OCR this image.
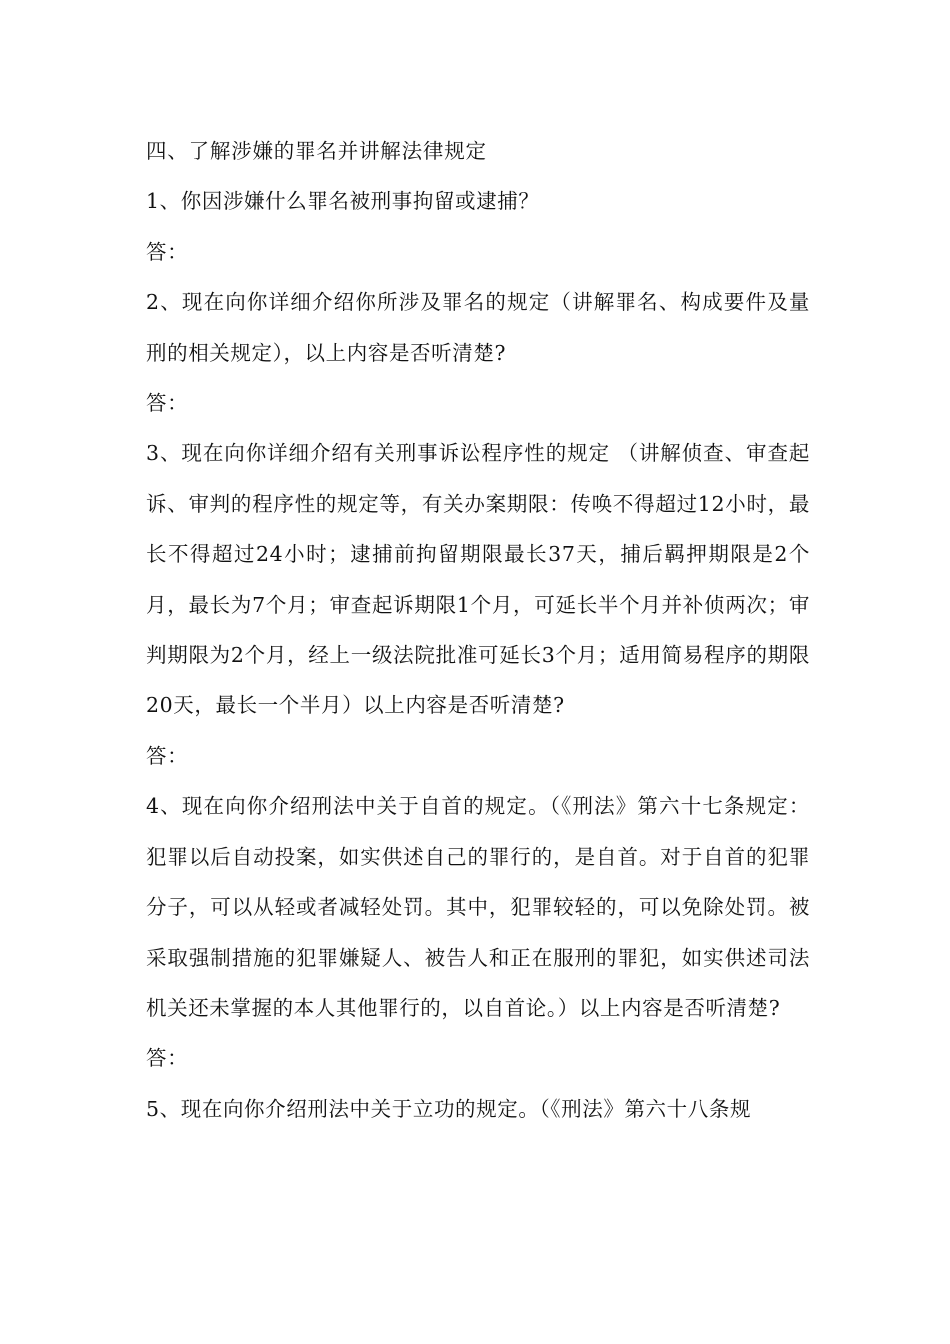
四、了解涉嫌的罪名并讲解法律规定

1、你因涉嫌什么罪名被刑事拘留或逮捕？

答：

2、现在向你详细介绍你所涉及罪名的规定（讲解罪名、构成要件及量刑的相关规定），以上内容是否听清楚?

答：

3、现在向你详细介绍有关刑事诉讼程序性的规定 （讲解侦查、审查起诉、审判的程序性的规定等，有关办案期限：传唤不得超过12小时，最长不得超过24小时；逮捕前拘留期限最长37天，捕后羁押期限是2个月，最长为7个月；审查起诉期限1个月，可延长半个月并补侦两次；审判期限为2个月，经上一级法院批准可延长3个月；适用简易程序的期限20天，最长一个半月）以上内容是否听清楚?

答：

4、现在向你介绍刑法中关于自首的规定。（《刑法》第六十七条规定：犯罪以后自动投案，如实供述自己的罪行的，是自首。对于自首的犯罪分子，可以从轻或者减轻处罚。其中，犯罪较轻的，可以免除处罚。被采取强制措施的犯罪嫌疑人、被告人和正在服刑的罪犯，如实供述司法机关还未掌握的本人其他罪行的，以自首论。）以上内容是否听清楚?

答：

5、现在向你介绍刑法中关于立功的规定。（《刑法》第六十八条规
